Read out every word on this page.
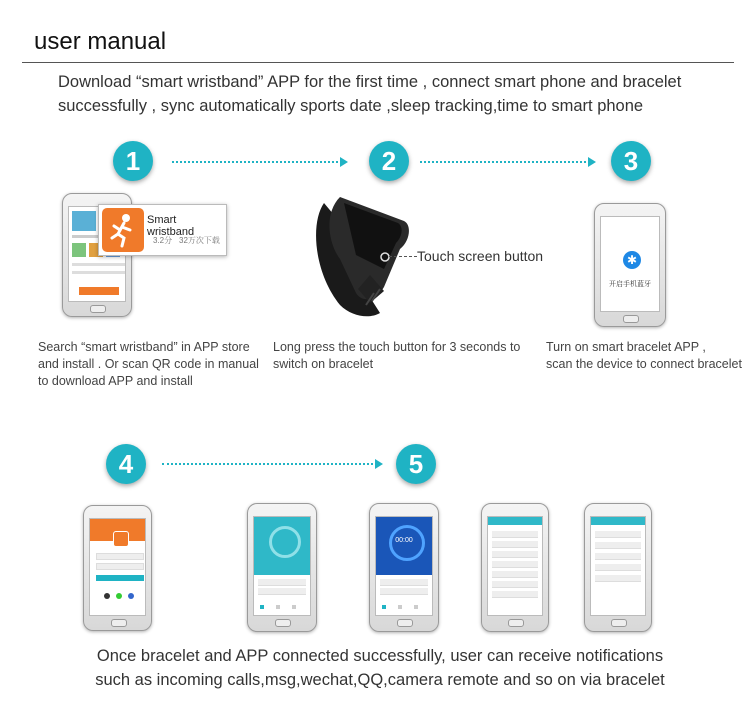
user manual
Download “smart wristband” APP for the first time , connect smart phone and bracelet
successfully , sync automatically sports date ,sleep tracking,time to smart phone
1	2	3
Smart wristband
3.2分 32万次下载
Touch screen button	✱
开启手机蓝牙
Search “smart wristband” in APP store
and install . Or scan QR code in manual
to download APP and install
Long press the touch button for 3 seconds to
switch on bracelet
Turn on smart bracelet APP ,
scan the device to connect bracelet
4	5
00:00
Once bracelet and APP connected successfully, user can receive notifications
such as incoming calls,msg,wechat,QQ,camera remote and so on via bracelet
